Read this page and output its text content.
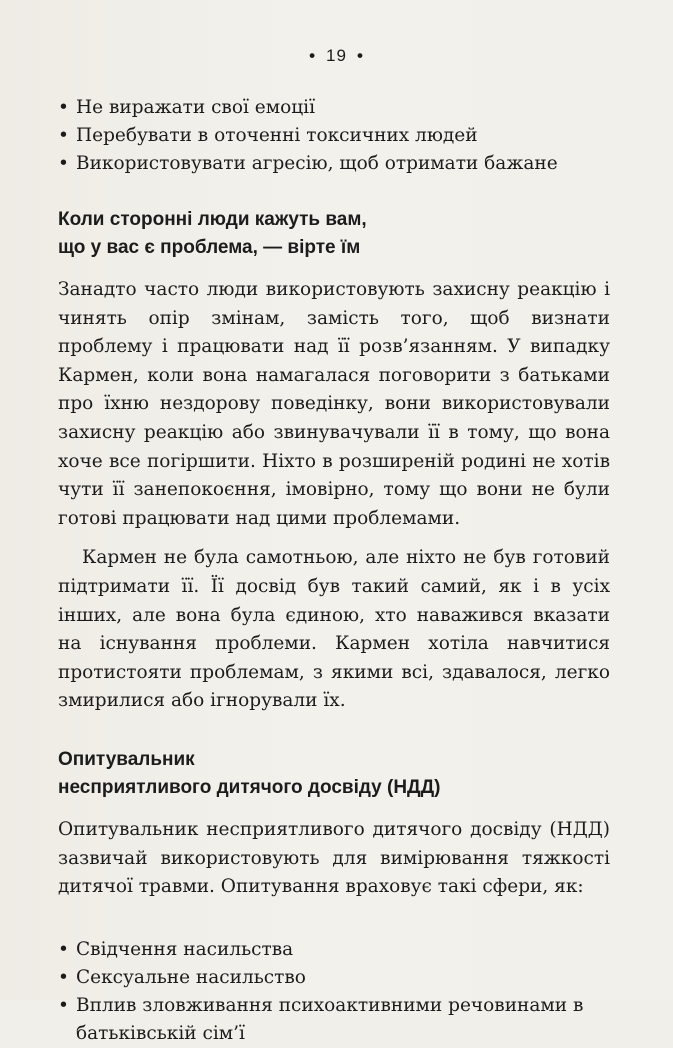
• 19 •
• Не виражати свої емоції
• Перебувати в оточенні токсичних людей
• Використовувати агресію, щоб отримати бажане
Коли сторонні люди кажуть вам,
що у вас є проблема, — вірте їм

Занадто часто люди використовують захисну реакцію і чинять опір змінам, замість того, щоб визнати проблему і працювати над її розв’язанням. У випадку Кармен, коли вона намагалася поговорити з батьками про їхню нездорову поведінку, вони використовували захисну реакцію або звинувачували її в тому, що вона хоче все погіршити. Ніхто в розширеній родині не хотів чути її занепокоєння, імовірно, тому що вони не були готові працювати над цими проблемами.

Кармен не була самотньою, але ніхто не був готовий підтримати її. Її досвід був такий самий, як і в усіх інших, але вона була єдиною, хто наважився вказати на існування проблеми. Кармен хотіла навчитися протистояти проблемам, з якими всі, здавалося, легко змирилися або ігнорували їх.

Опитувальник
несприятливого дитячого досвіду (НДД)

Опитувальник несприятливого дитячого досвіду (НДД) зазвичай використовують для вимірювання тяжкості дитячої травми. Опитування враховує такі сфери, як:

• Свідчення насильства
• Сексуальне насильство
• Вплив зловживання психоактивними речовинами в батьківській сім’ї
